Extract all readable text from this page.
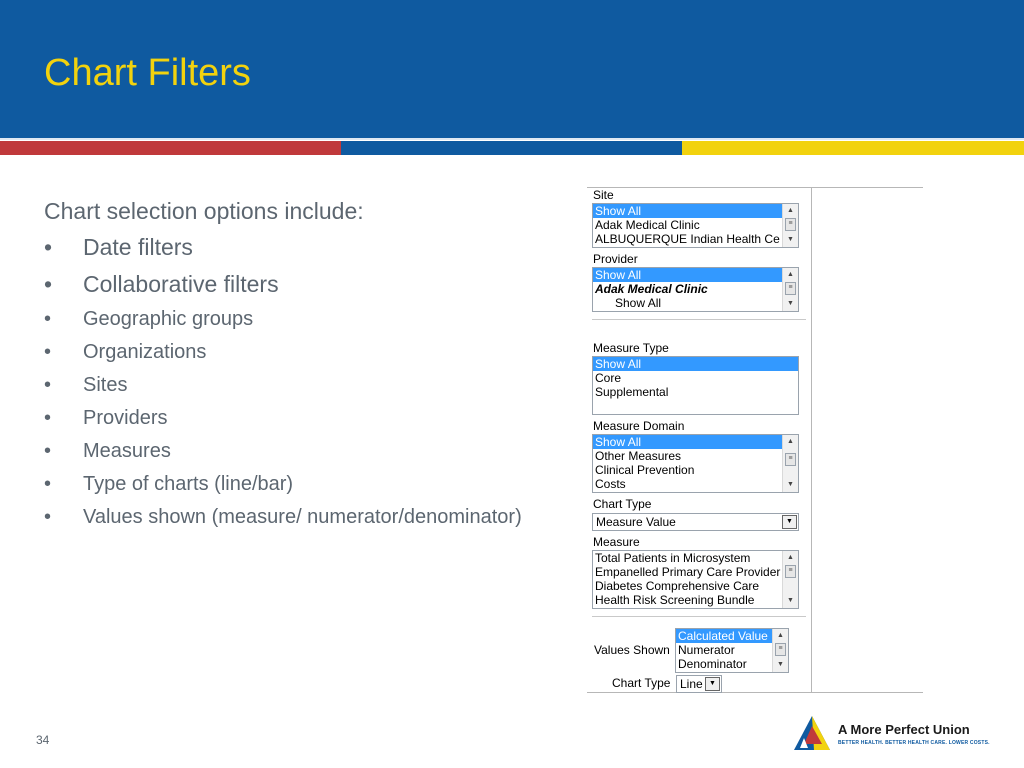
Chart Filters
Chart selection options include:
• Date filters
• Collaborative filters
• Geographic groups
• Organizations
• Sites
• Providers
• Measures
• Type of charts (line/bar)
• Values shown (measure/ numerator/denominator)
Site
Show All
Adak Medical Clinic
ALBUQUERQUE Indian Health Ce
▲
≡
▼
Provider
Show All
Adak Medical Clinic
Show All
▲
≡
▼
Measure Type
Show All
Core
Supplemental
Measure Domain
Show All
Other Measures
Clinical Prevention
Costs
▲
≡
▼
Chart Type
Measure Value	▼
Measure
Total Patients in Microsystem
Empanelled Primary Care Provider
Diabetes Comprehensive Care
Health Risk Screening Bundle
▲
≡
▼
Values Shown
Calculated Value
Numerator
Denominator
▲
≡
▼
Chart Type Line ▼
34
A More Perfect Union
BETTER HEALTH. BETTER HEALTH CARE. LOWER COSTS.
